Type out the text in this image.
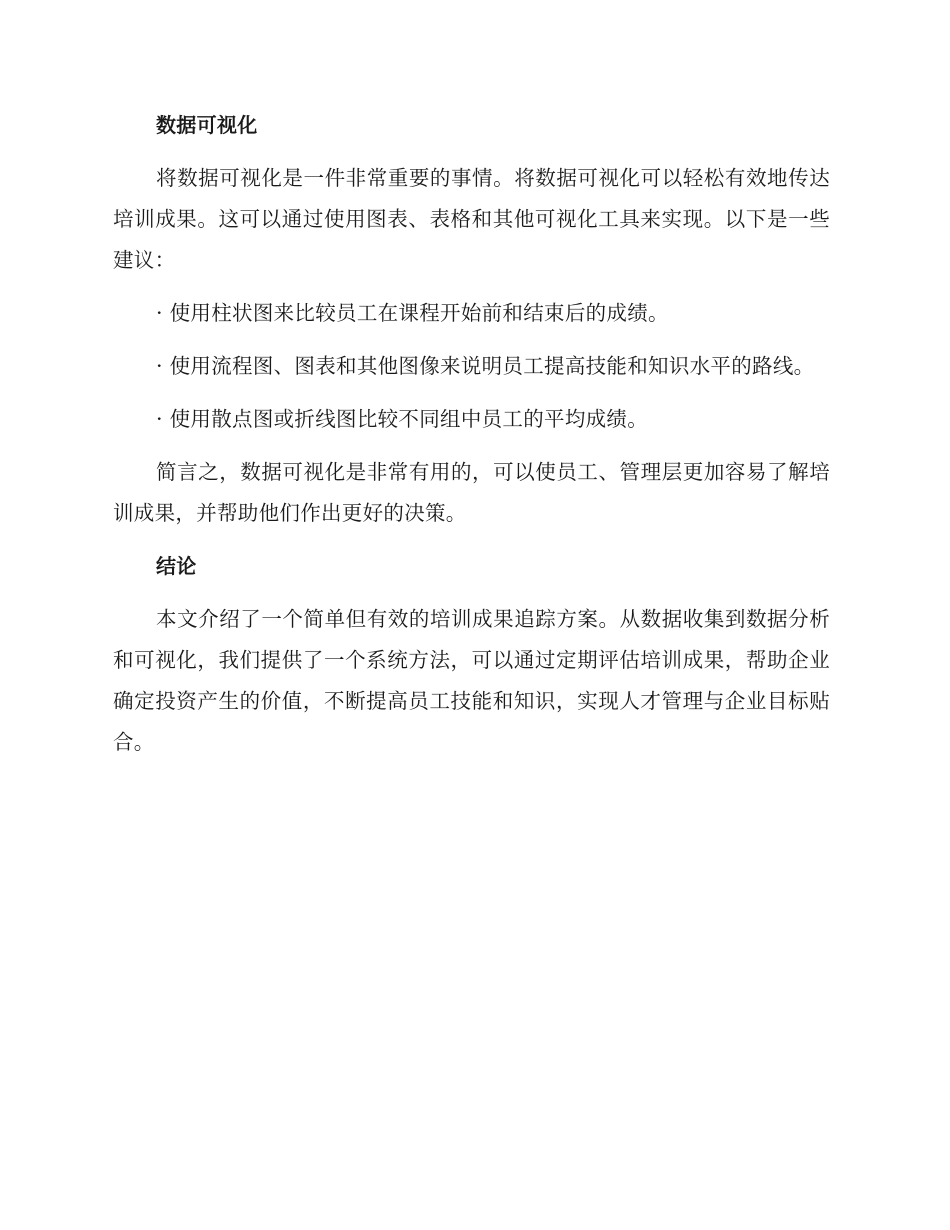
数据可视化

将数据可视化是一件非常重要的事情。将数据可视化可以轻松有效地传达培训成果。这可以通过使用图表、表格和其他可视化工具来实现。以下是一些建议：

· 使用柱状图来比较员工在课程开始前和结束后的成绩。

· 使用流程图、图表和其他图像来说明员工提高技能和知识水平的路线。

· 使用散点图或折线图比较不同组中员工的平均成绩。

简言之，数据可视化是非常有用的，可以使员工、管理层更加容易了解培训成果，并帮助他们作出更好的决策。

结论

本文介绍了一个简单但有效的培训成果追踪方案。从数据收集到数据分析和可视化，我们提供了一个系统方法，可以通过定期评估培训成果，帮助企业确定投资产生的价值，不断提高员工技能和知识，实现人才管理与企业目标贴合。
